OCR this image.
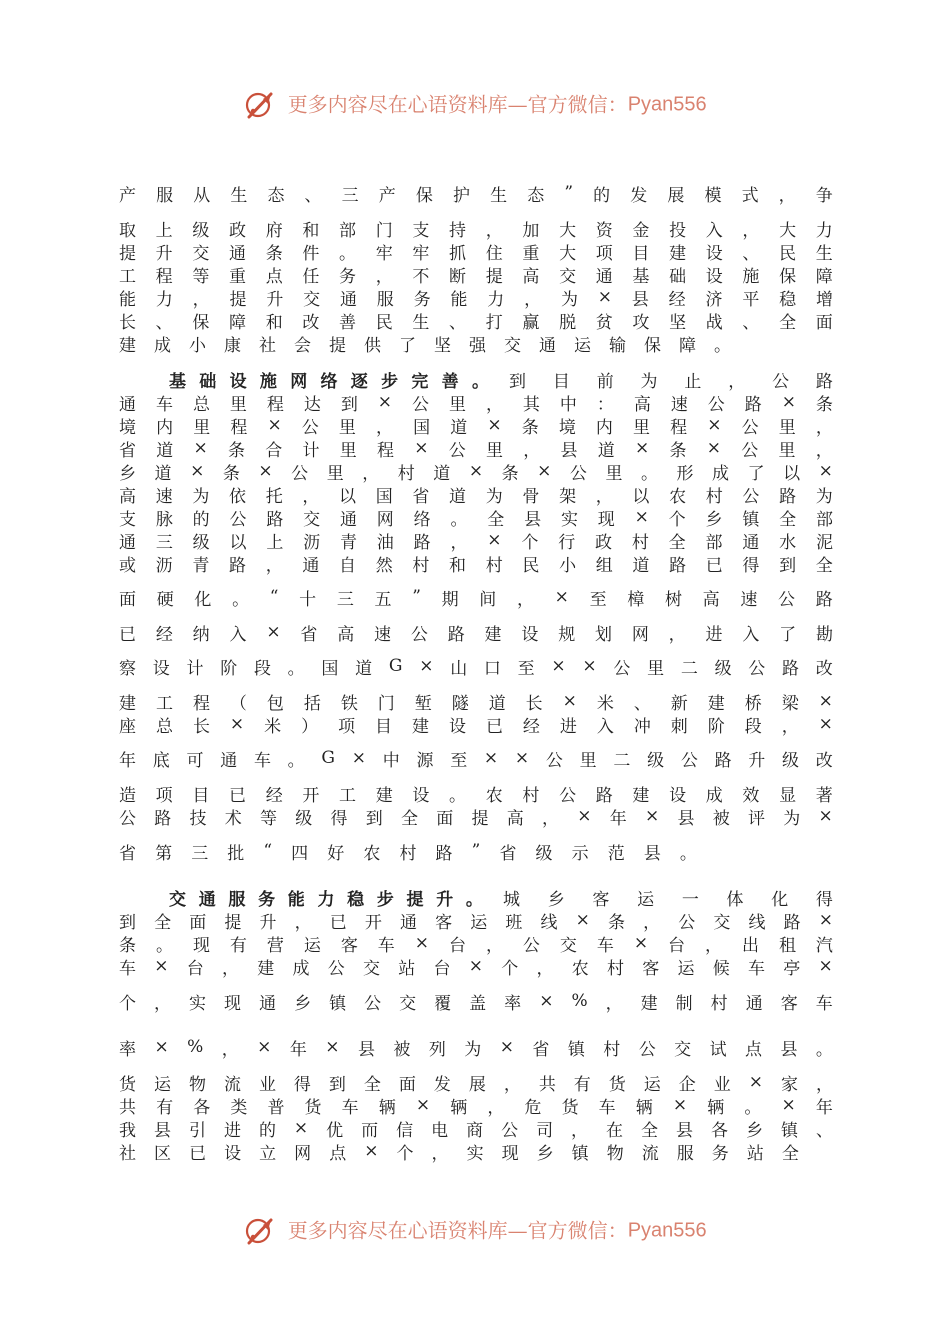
更多内容尽在心语资料库—官方微信：Pyan556
产 服 从 生 态 、 三 产 保 护 生 态 ” 的 发 展 模 式 ， 争
取 上 级 政 府 和 部 门 支 持 ， 加 大 资 金 投 入 ， 大 力
提 升 交 通 条 件 。 牢 牢 抓 住 重 大 项 目 建 设 、 民 生
工 程 等 重 点 任 务 ， 不 断 提 高 交 通 基 础 设 施 保 障
能 力 ， 提 升 交 通 服 务 能 力 ， 为 × 县 经 济 平 稳 增
长 、 保 障 和 改 善 民 生 、 打 赢 脱 贫 攻 坚 战 、 全 面
建 成 小 康 社 会 提 供 了 坚 强 交 通 运 输 保 障 。
基 础 设 施 网 络 逐 步 完 善 。 到 目 前 为 止 ， 公 路
通 车 总 里 程 达 到 × 公 里 ， 其 中 ： 高 速 公 路 × 条
境 内 里 程 × 公 里 ， 国 道 × 条 境 内 里 程 × 公 里 ，
省 道 × 条 合 计 里 程 × 公 里 ， 县 道 × 条 × 公 里 ，
乡 道 × 条 × 公 里 ， 村 道 × 条 × 公 里 。 形 成 了 以 ×
高 速 为 依 托 ， 以 国 省 道 为 骨 架 ， 以 农 村 公 路 为
支 脉 的 公 路 交 通 网 络 。 全 县 实 现 × 个 乡 镇 全 部
通 三 级 以 上 沥 青 油 路 ， × 个 行 政 村 全 部 通 水 泥
或 沥 青 路 ， 通 自 然 村 和 村 民 小 组 道 路 已 得 到 全
面 硬 化 。 “ 十 三 五 ” 期 间 ， × 至 樟 树 高 速 公 路
已 经 纳 入 × 省 高 速 公 路 建 设 规 划 网 ， 进 入 了 勘
察 设 计 阶 段 。 国 道 G × 山 口 至 × × 公 里 二 级 公 路 改
建 工 程 （ 包 括 铁 门 堑 隧 道 长 × 米 、 新 建 桥 梁 ×
座 总 长 × 米 ） 项 目 建 设 已 经 进 入 冲 刺 阶 段 ， ×
年 底 可 通 车 。 G × 中 源 至 × × 公 里 二 级 公 路 升 级 改
造 项 目 已 经 开 工 建 设 。 农 村 公 路 建 设 成 效 显 著
公 路 技 术 等 级 得 到 全 面 提 高 ， × 年 × 县 被 评 为 ×
省 第 三 批 “ 四 好 农 村 路 ” 省 级 示 范 县 。
交 通 服 务 能 力 稳 步 提 升 。 城 乡 客 运 一 体 化 得
到 全 面 提 升 ， 已 开 通 客 运 班 线 × 条 ， 公 交 线 路 ×
条 。 现 有 营 运 客 车 × 台 ， 公 交 车 × 台 ， 出 租 汽
车 × 台 ， 建 成 公 交 站 台 × 个 ， 农 村 客 运 候 车 亭 ×
个 ， 实 现 通 乡 镇 公 交 覆 盖 率 × % ， 建 制 村 通 客 车
率 × % ， × 年 × 县 被 列 为 × 省 镇 村 公 交 试 点 县 。
货 运 物 流 业 得 到 全 面 发 展 ， 共 有 货 运 企 业 × 家 ，
共 有 各 类 普 货 车 辆 × 辆 ， 危 货 车 辆 × 辆 。 × 年
我 县 引 进 的 × 优 而 信 电 商 公 司 ， 在 全 县 各 乡 镇 、
社 区 已 设 立 网 点 × 个 ， 实 现 乡 镇 物 流 服 务 站 全
更多内容尽在心语资料库—官方微信：Pyan556
